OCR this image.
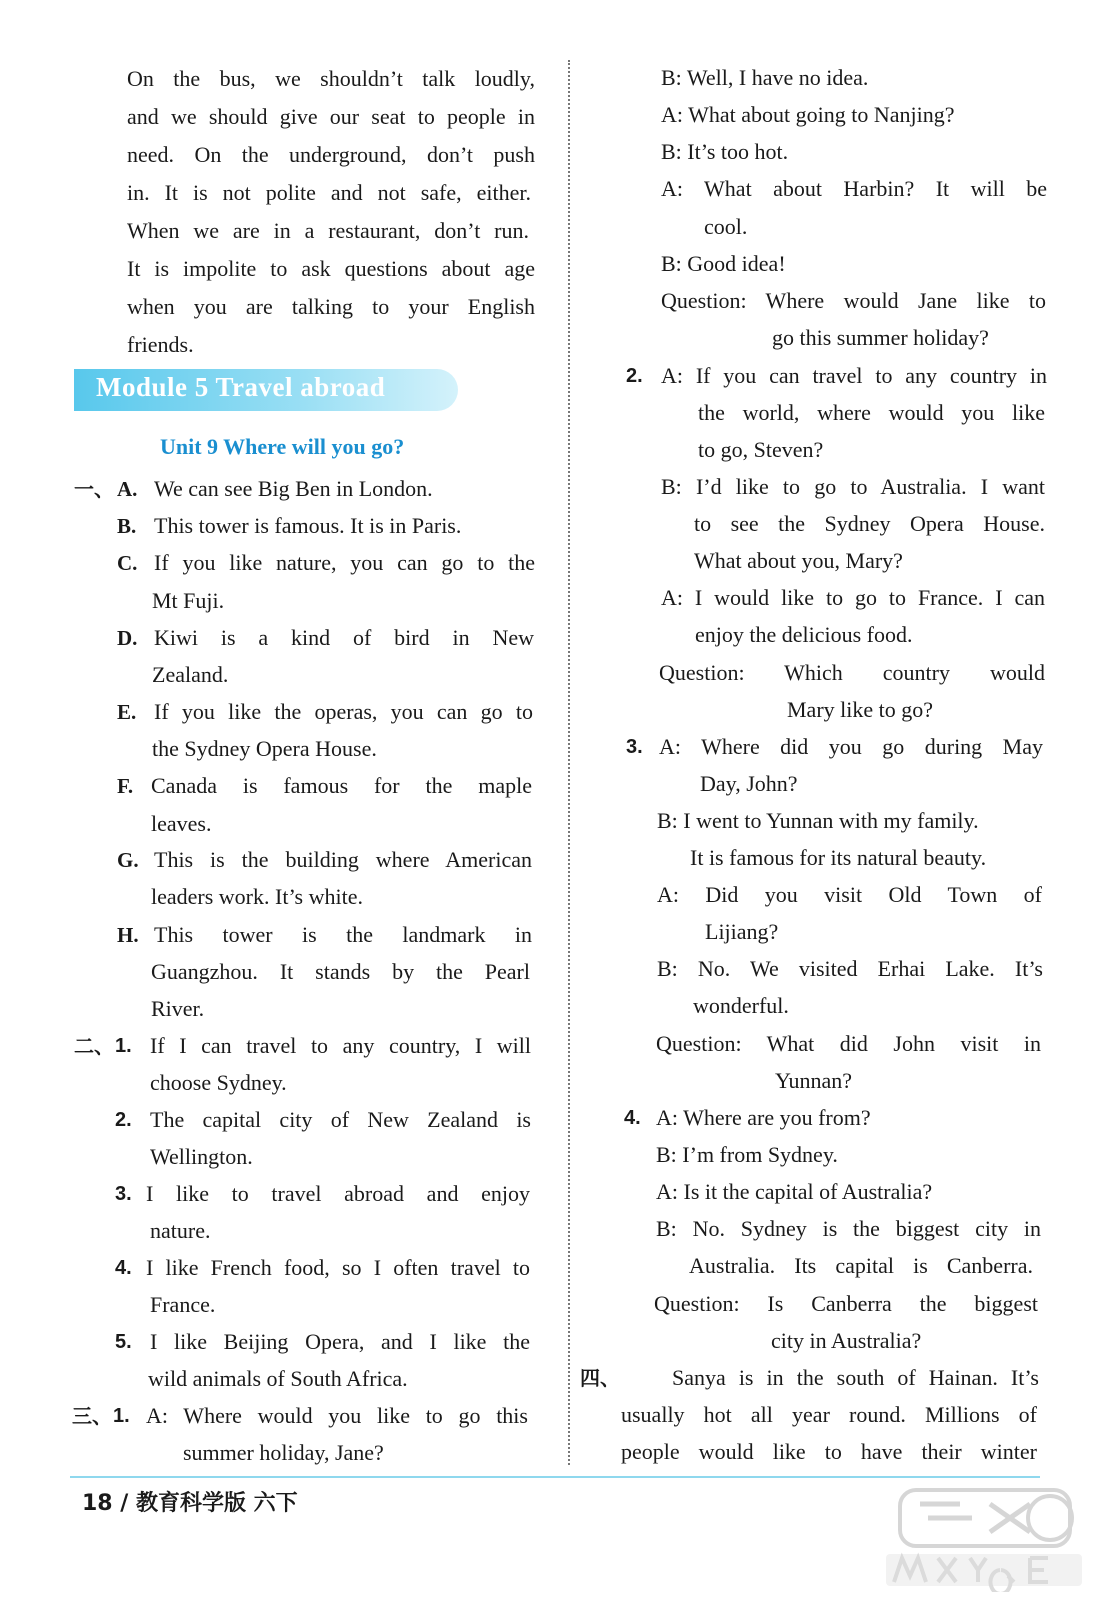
On the bus, we shouldn’t talk loudly,
and we should give our seat to people in
need. On the underground, don’t push
in. It is not polite and not safe, either.
When we are in a restaurant, don’t run.
It is impolite to ask questions about age
when you are talking to your English
friends.
Module 5 Travel abroad
Unit 9 Where will you go?
一、 A. We can see Big Ben in London.
B. This tower is famous. It is in Paris.
C. If you like nature, you can go to the
Mt Fuji.
D. Kiwi is a kind of bird in New
Zealand.
E. If you like the operas, you can go to
the Sydney Opera House.
F. Canada is famous for the maple
leaves.
G. This is the building where American
leaders work. It’s white.
H. This tower is the landmark in
Guangzhou. It stands by the Pearl
River.
二、 1. If I can travel to any country, I will
choose Sydney.
2. The capital city of New Zealand is
Wellington.
3. I like to travel abroad and enjoy
nature.
4. I like French food, so I often travel to
France.
5. I like Beijing Opera, and I like the
wild animals of South Africa.
三、 1. A: Where would you like to go this
summer holiday, Jane?
B: Well, I have no idea.
A: What about going to Nanjing?
B: It’s too hot.
A: What about Harbin? It will be
cool.
B: Good idea!
Question: Where would Jane like to
go this summer holiday?
2. A: If you can travel to any country in
the world, where would you like
to go, Steven?
B: I’d like to go to Australia. I want
to see the Sydney Opera House.
What about you, Mary?
A: I would like to go to France. I can
enjoy the delicious food.
Question: Which country would
Mary like to go?
3. A: Where did you go during May
Day, John?
B: I went to Yunnan with my family.
It is famous for its natural beauty.
A: Did you visit Old Town of
Lijiang?
B: No. We visited Erhai Lake. It’s
wonderful.
Question: What did John visit in
Yunnan?
4. A: Where are you from?
B: I’m from Sydney.
A: Is it the capital of Australia?
B: No. Sydney is the biggest city in
Australia. Its capital is Canberra.
Question: Is Canberra the biggest
city in Australia?
四、 Sanya is in the south of Hainan. It’s
usually hot all year round. Millions of
people would like to have their winter
18 / 教育科学版 六下
